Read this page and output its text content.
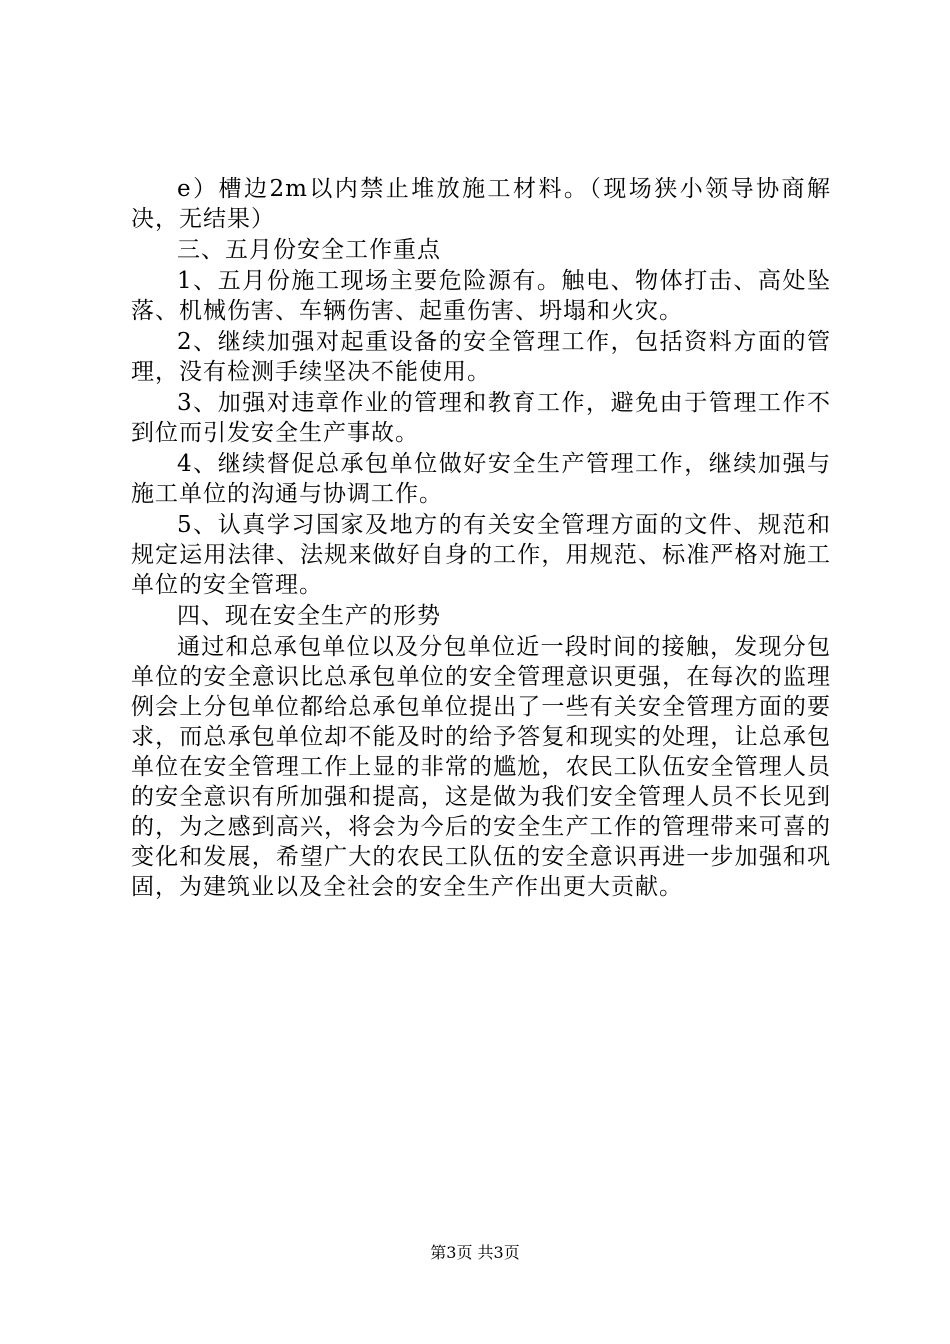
e）槽边2m以内禁止堆放施工材料。（现场狭小领导协商解决，无结果）

三、五月份安全工作重点

1、五月份施工现场主要危险源有。触电、物体打击、高处坠落、机械伤害、车辆伤害、起重伤害、坍塌和火灾。

2、继续加强对起重设备的安全管理工作，包括资料方面的管理，没有检测手续坚决不能使用。

3、加强对违章作业的管理和教育工作，避免由于管理工作不到位而引发安全生产事故。

4、继续督促总承包单位做好安全生产管理工作，继续加强与施工单位的沟通与协调工作。

5、认真学习国家及地方的有关安全管理方面的文件、规范和规定运用法律、法规来做好自身的工作，用规范、标准严格对施工单位的安全管理。

四、现在安全生产的形势

通过和总承包单位以及分包单位近一段时间的接触，发现分包单位的安全意识比总承包单位的安全管理意识更强，在每次的监理例会上分包单位都给总承包单位提出了一些有关安全管理方面的要求，而总承包单位却不能及时的给予答复和现实的处理，让总承包单位在安全管理工作上显的非常的尴尬，农民工队伍安全管理人员的安全意识有所加强和提高，这是做为我们安全管理人员不长见到的，为之感到高兴，将会为今后的安全生产工作的管理带来可喜的变化和发展，希望广大的农民工队伍的安全意识再进一步加强和巩固，为建筑业以及全社会的安全生产作出更大贡献。

第3页 共3页
